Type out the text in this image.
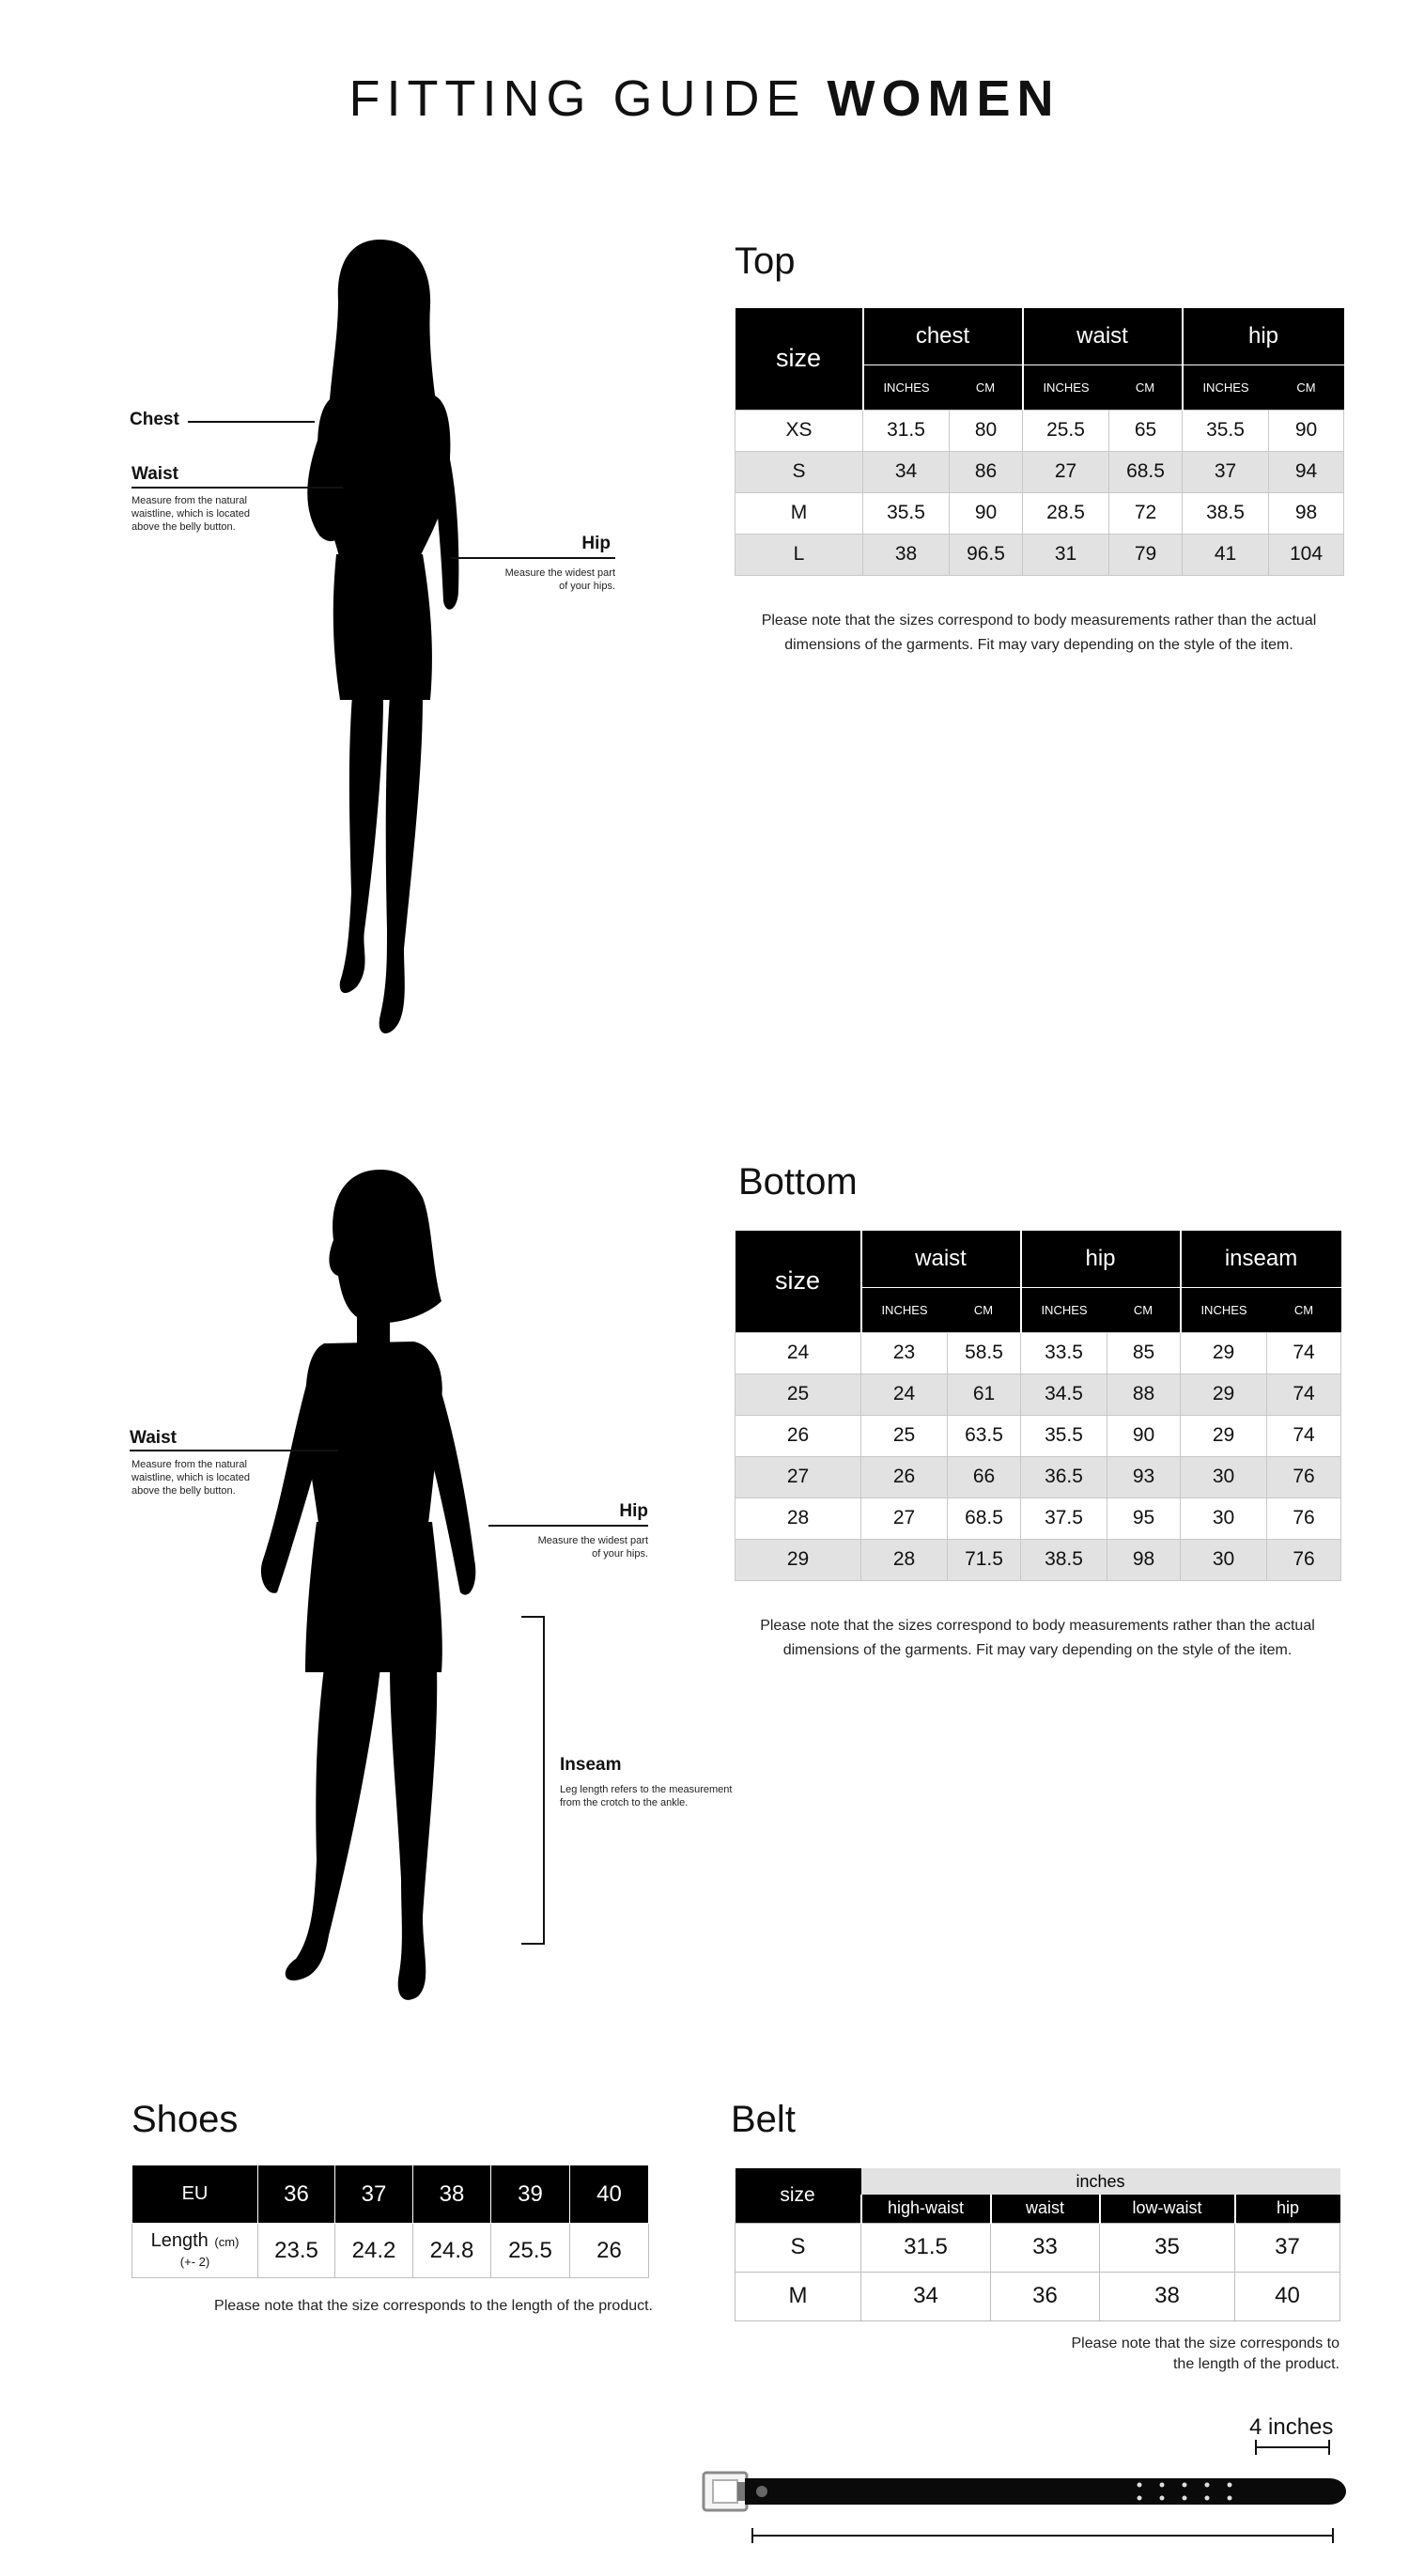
FITTING GUIDE WOMEN
Chest
Waist
Measure from the natural
waistline, which is located
above the belly button.
Hip
Measure the widest part
of your hips.
Top
size	chest		waist		hip	
	INCHES	CM	INCHES	CM	INCHES	CM
XS	31.5	80	25.5	65	35.5	90
S	34	86	27	68.5	37	94
M	35.5	90	28.5	72	38.5	98
L	38	96.5	31	79	41	104
Please note that the sizes correspond to body measurements rather than the actual
dimensions of the garments. Fit may vary depending on the style of the item.
Waist
Measure from the natural
waistline, which is located
above the belly button.
Hip
Measure the widest part
of your hips.
Inseam
Leg length refers to the measurement
from the crotch to the ankle.
Bottom
size	waist		hip		inseam	
	INCHES	CM	INCHES	CM	INCHES	CM
24	23	58.5	33.5	85	29	74
25	24	61	34.5	88	29	74
26	25	63.5	35.5	90	29	74
27	26	66	36.5	93	30	76
28	27	68.5	37.5	95	30	76
29	28	71.5	38.5	98	30	76
Please note that the sizes correspond to body measurements rather than the actual
dimensions of the garments. Fit may vary depending on the style of the item.
Shoes
EU	36	37	38	39	40
Length (cm)
(+- 2)	23.5	24.2	24.8	25.5	26
Please note that the size corresponds to the length of the product.
Belt
size	inches			
	high-waist	waist	low-waist	hip
S	31.5	33	35	37
M	34	36	38	40
Please note that the size corresponds to
the length of the product.
4 inches
